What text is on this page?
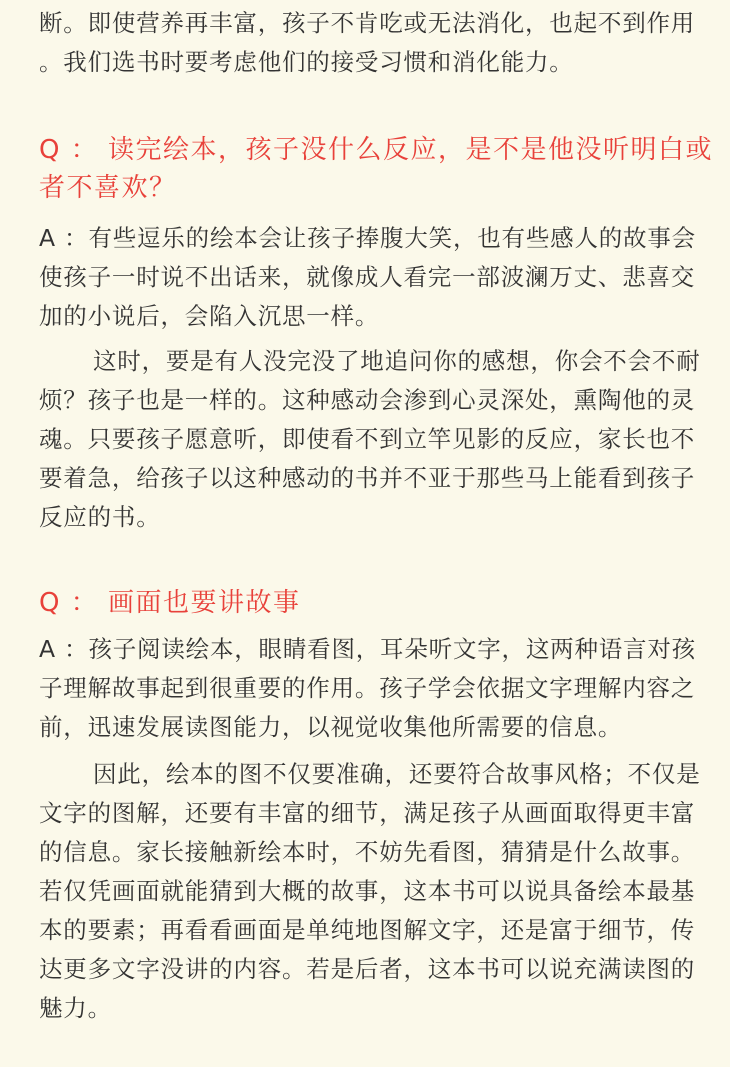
断。即使营养再丰富，孩子不肯吃或无法消化，也起不到作用
。我们选书时要考虑他们的接受习惯和消化能力。
Q ： 读完绘本，孩子没什么反应，是不是他没听明白或
者不喜欢？
A ：有些逗乐的绘本会让孩子捧腹大笑，也有些感人的故事会
使孩子一时说不出话来，就像成人看完一部波澜万丈、悲喜交
加的小说后，会陷入沉思一样。
这时，要是有人没完没了地追问你的感想，你会不会不耐
烦？孩子也是一样的。这种感动会渗到心灵深处，熏陶他的灵
魂。只要孩子愿意听，即使看不到立竿见影的反应，家长也不
要着急，给孩子以这种感动的书并不亚于那些马上能看到孩子
反应的书。
Q ： 画面也要讲故事
A ：孩子阅读绘本，眼睛看图，耳朵听文字，这两种语言对孩
子理解故事起到很重要的作用。孩子学会依据文字理解内容之
前，迅速发展读图能力，以视觉收集他所需要的信息。
因此，绘本的图不仅要准确，还要符合故事风格；不仅是
文字的图解，还要有丰富的细节，满足孩子从画面取得更丰富
的信息。家长接触新绘本时，不妨先看图，猜猜是什么故事。
若仅凭画面就能猜到大概的故事，这本书可以说具备绘本最基
本的要素；再看看画面是单纯地图解文字，还是富于细节，传
达更多文字没讲的内容。若是后者，这本书可以说充满读图的
魅力。
